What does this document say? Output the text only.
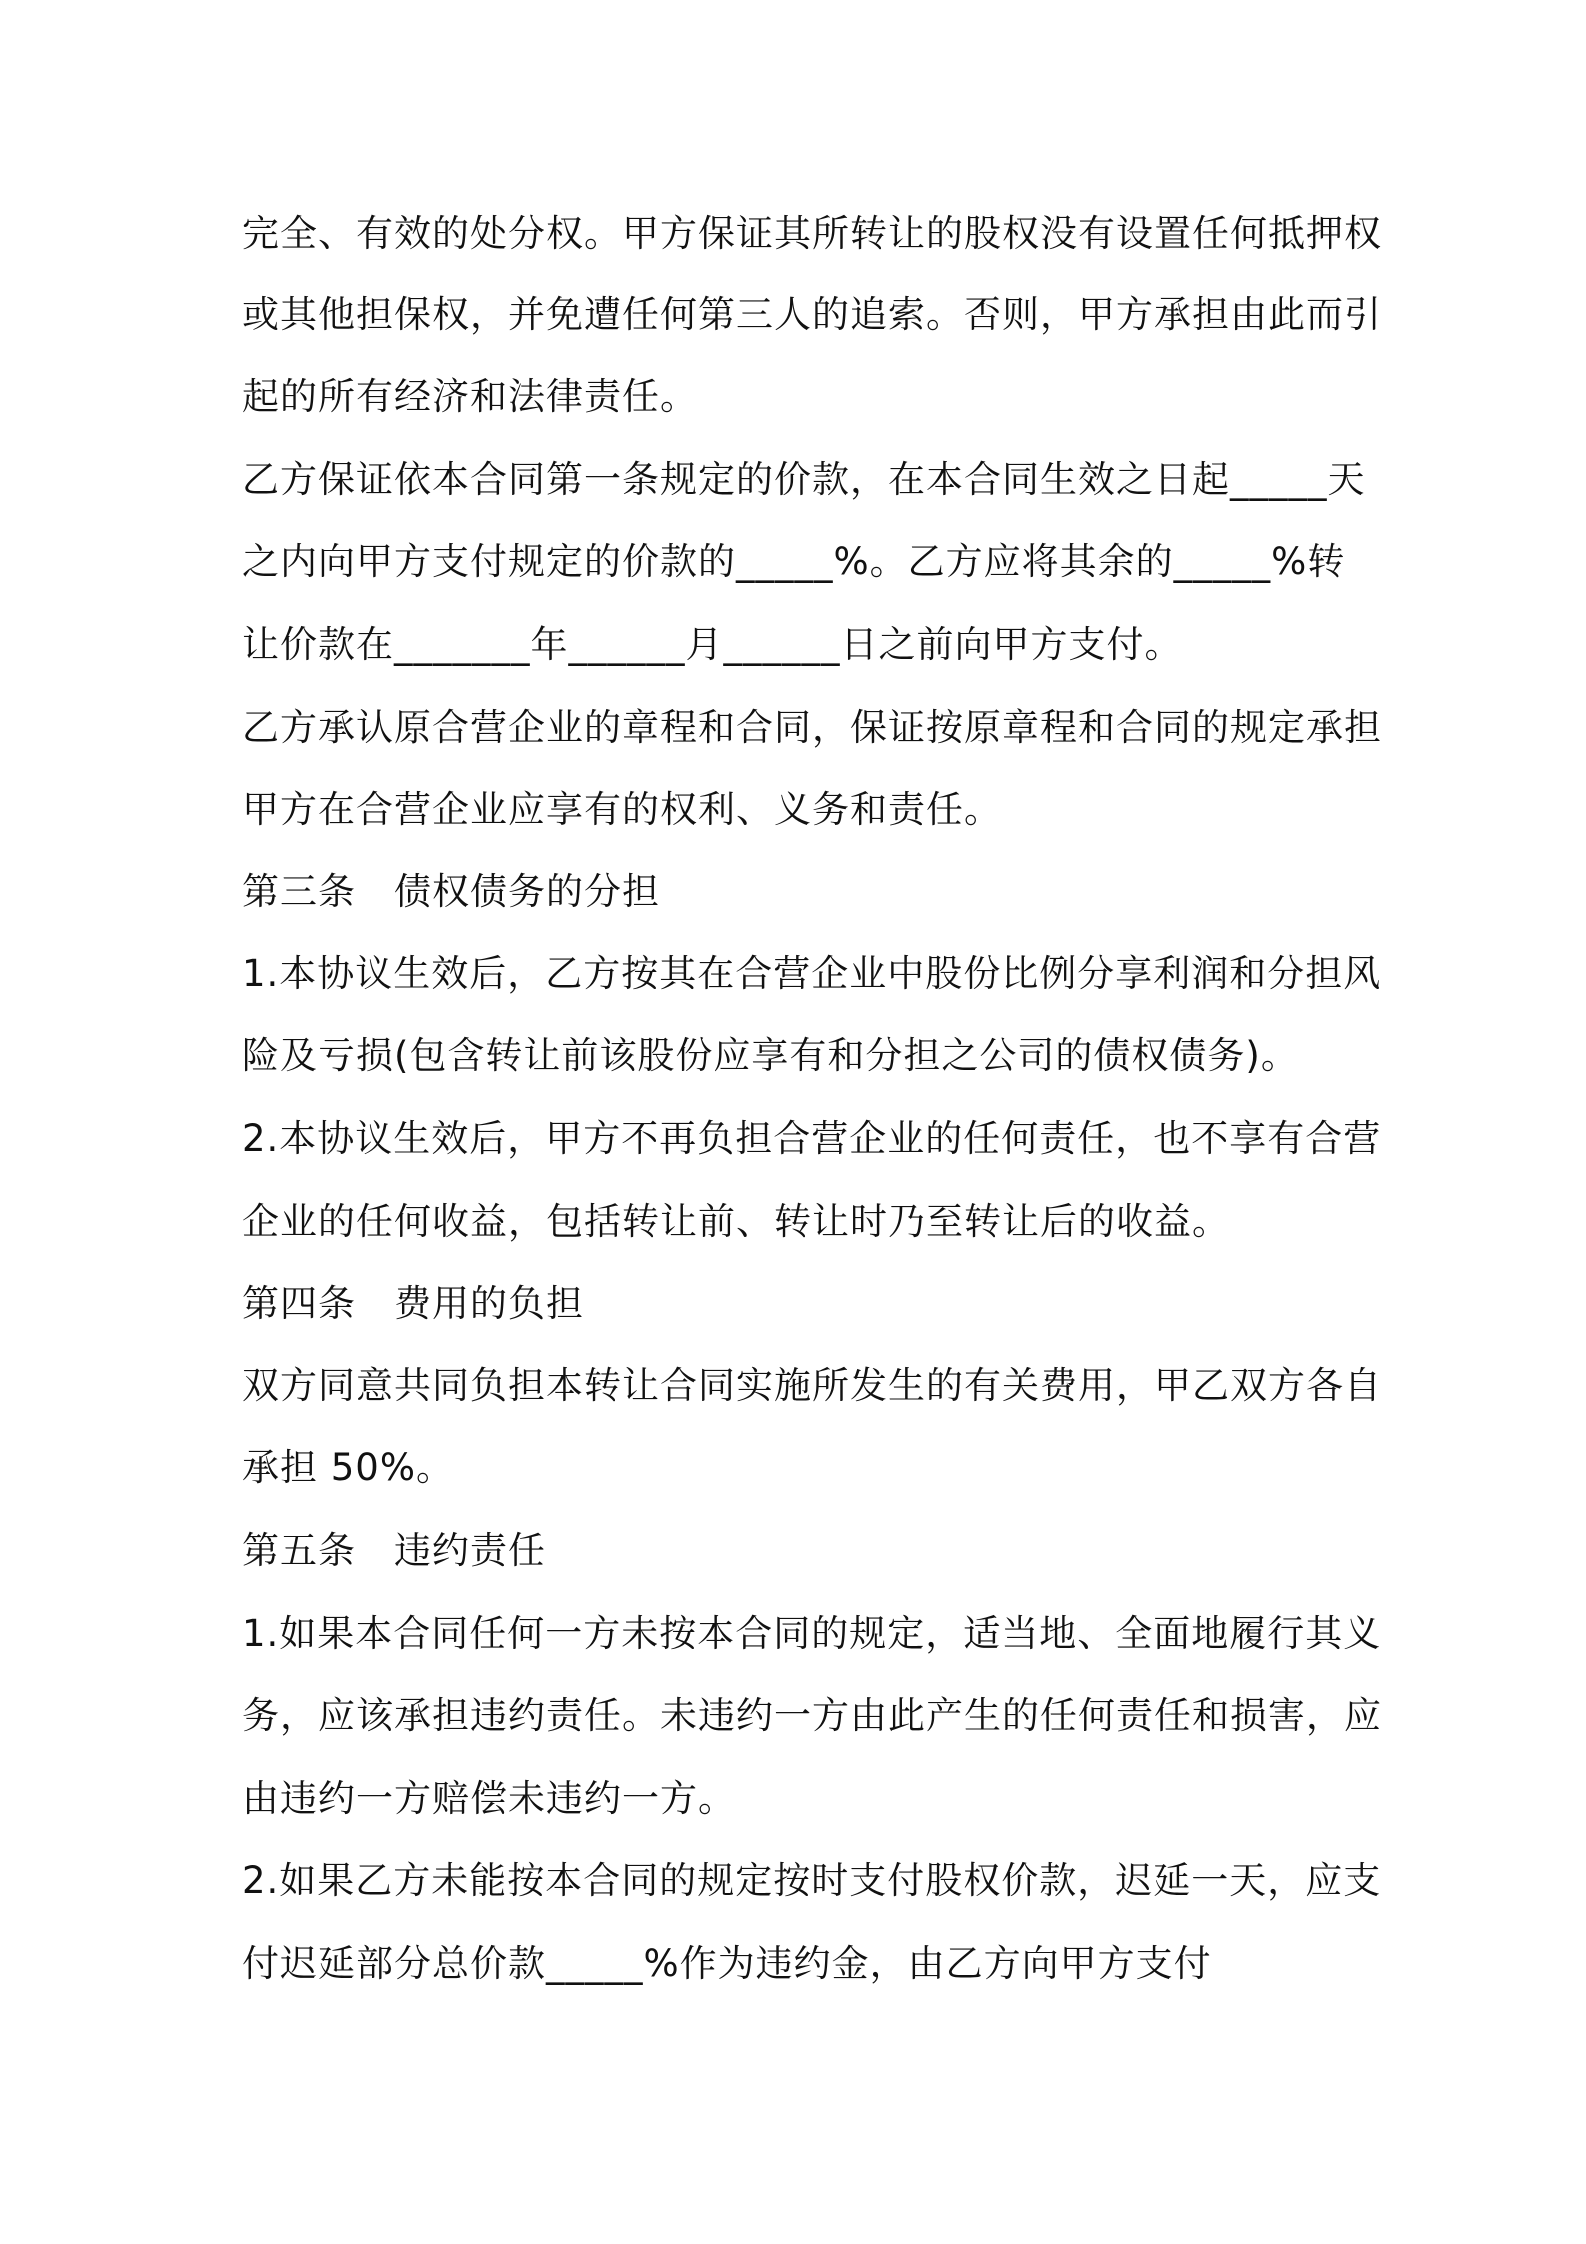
完全、有效的处分权。甲方保证其所转让的股权没有设置任何抵押权
或其他担保权，并免遭任何第三人的追索。否则，甲方承担由此而引
起的所有经济和法律责任。
乙方保证依本合同第一条规定的价款，在本合同生效之日起_____天
之内向甲方支付规定的价款的_____%。乙方应将其余的_____%转
让价款在_______年______月______日之前向甲方支付。
乙方承认原合营企业的章程和合同，保证按原章程和合同的规定承担
甲方在合营企业应享有的权利、义务和责任。
第三条　债权债务的分担
1.本协议生效后，乙方按其在合营企业中股份比例分享利润和分担风
险及亏损(包含转让前该股份应享有和分担之公司的债权债务)。
2.本协议生效后，甲方不再负担合营企业的任何责任，也不享有合营
企业的任何收益，包括转让前、转让时乃至转让后的收益。
第四条　费用的负担
双方同意共同负担本转让合同实施所发生的有关费用，甲乙双方各自
承担 50%。
第五条　违约责任
1.如果本合同任何一方未按本合同的规定，适当地、全面地履行其义
务，应该承担违约责任。未违约一方由此产生的任何责任和损害，应
由违约一方赔偿未违约一方。
2.如果乙方未能按本合同的规定按时支付股权价款，迟延一天，应支
付迟延部分总价款_____%作为违约金，由乙方向甲方支付
